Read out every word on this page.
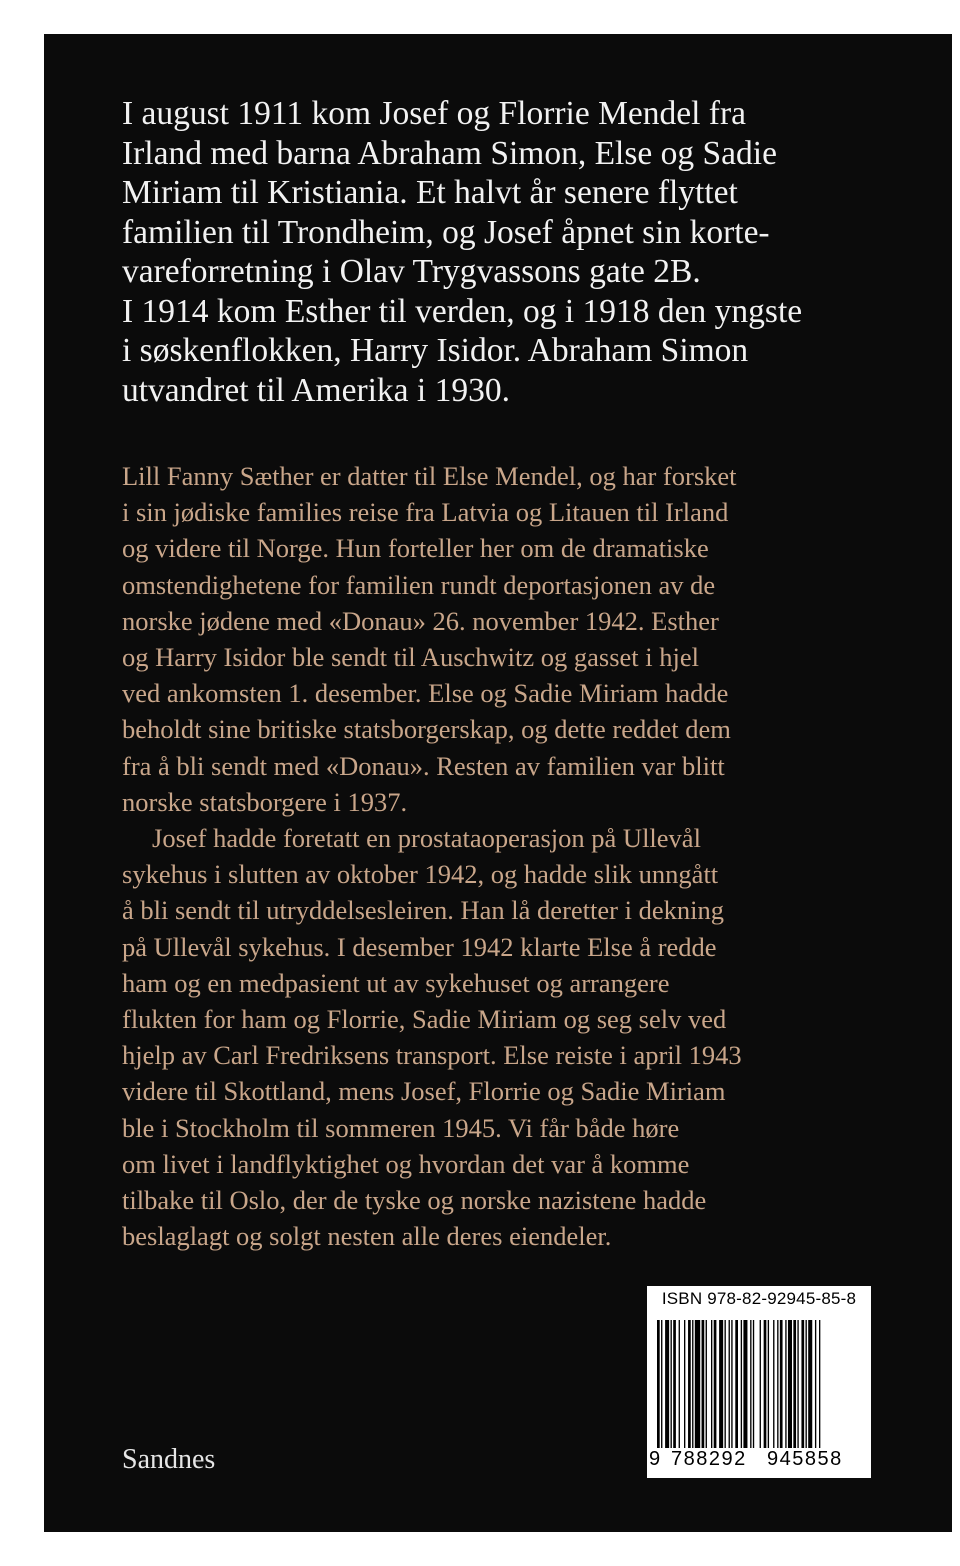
I august 1911 kom Josef og Florrie Mendel fra
Irland med barna Abraham Simon, Else og Sadie
Miriam til Kristiania. Et halvt år senere flyttet
familien til Trondheim, og Josef åpnet sin korte-
vareforretning i Olav Trygvassons gate 2B.
I 1914 kom Esther til verden, og i 1918 den yngste
i søskenflokken, Harry Isidor. Abraham Simon
utvandret til Amerika i 1930.
Lill Fanny Sæther er datter til Else Mendel, og har forsket
i sin jødiske families reise fra Latvia og Litauen til Irland
og videre til Norge. Hun forteller her om de dramatiske
omstendighetene for familien rundt deportasjonen av de
norske jødene med «Donau» 26. november 1942. Esther
og Harry Isidor ble sendt til Auschwitz og gasset i hjel
ved ankomsten 1. desember. Else og Sadie Miriam hadde
beholdt sine britiske statsborgerskap, og dette reddet dem
fra å bli sendt med «Donau». Resten av familien var blitt
norske statsborgere i 1937.
Josef hadde foretatt en prostataoperasjon på Ullevål
sykehus i slutten av oktober 1942, og hadde slik unngått
å bli sendt til utryddelsesleiren. Han lå deretter i dekning
på Ullevål sykehus. I desember 1942 klarte Else å redde
ham og en medpasient ut av sykehuset og arrangere
flukten for ham og Florrie, Sadie Miriam og seg selv ved
hjelp av Carl Fredriksens transport. Else reiste i april 1943
videre til Skottland, mens Josef, Florrie og Sadie Miriam
ble i Stockholm til sommeren 1945. Vi får både høre
om livet i landflyktighet og hvordan det var å komme
tilbake til Oslo, der de tyske og norske nazistene hadde
beslaglagt og solgt nesten alle deres eiendeler.
Sandnes
ISBN 978-82-92945-85-8
9 788292 945858
